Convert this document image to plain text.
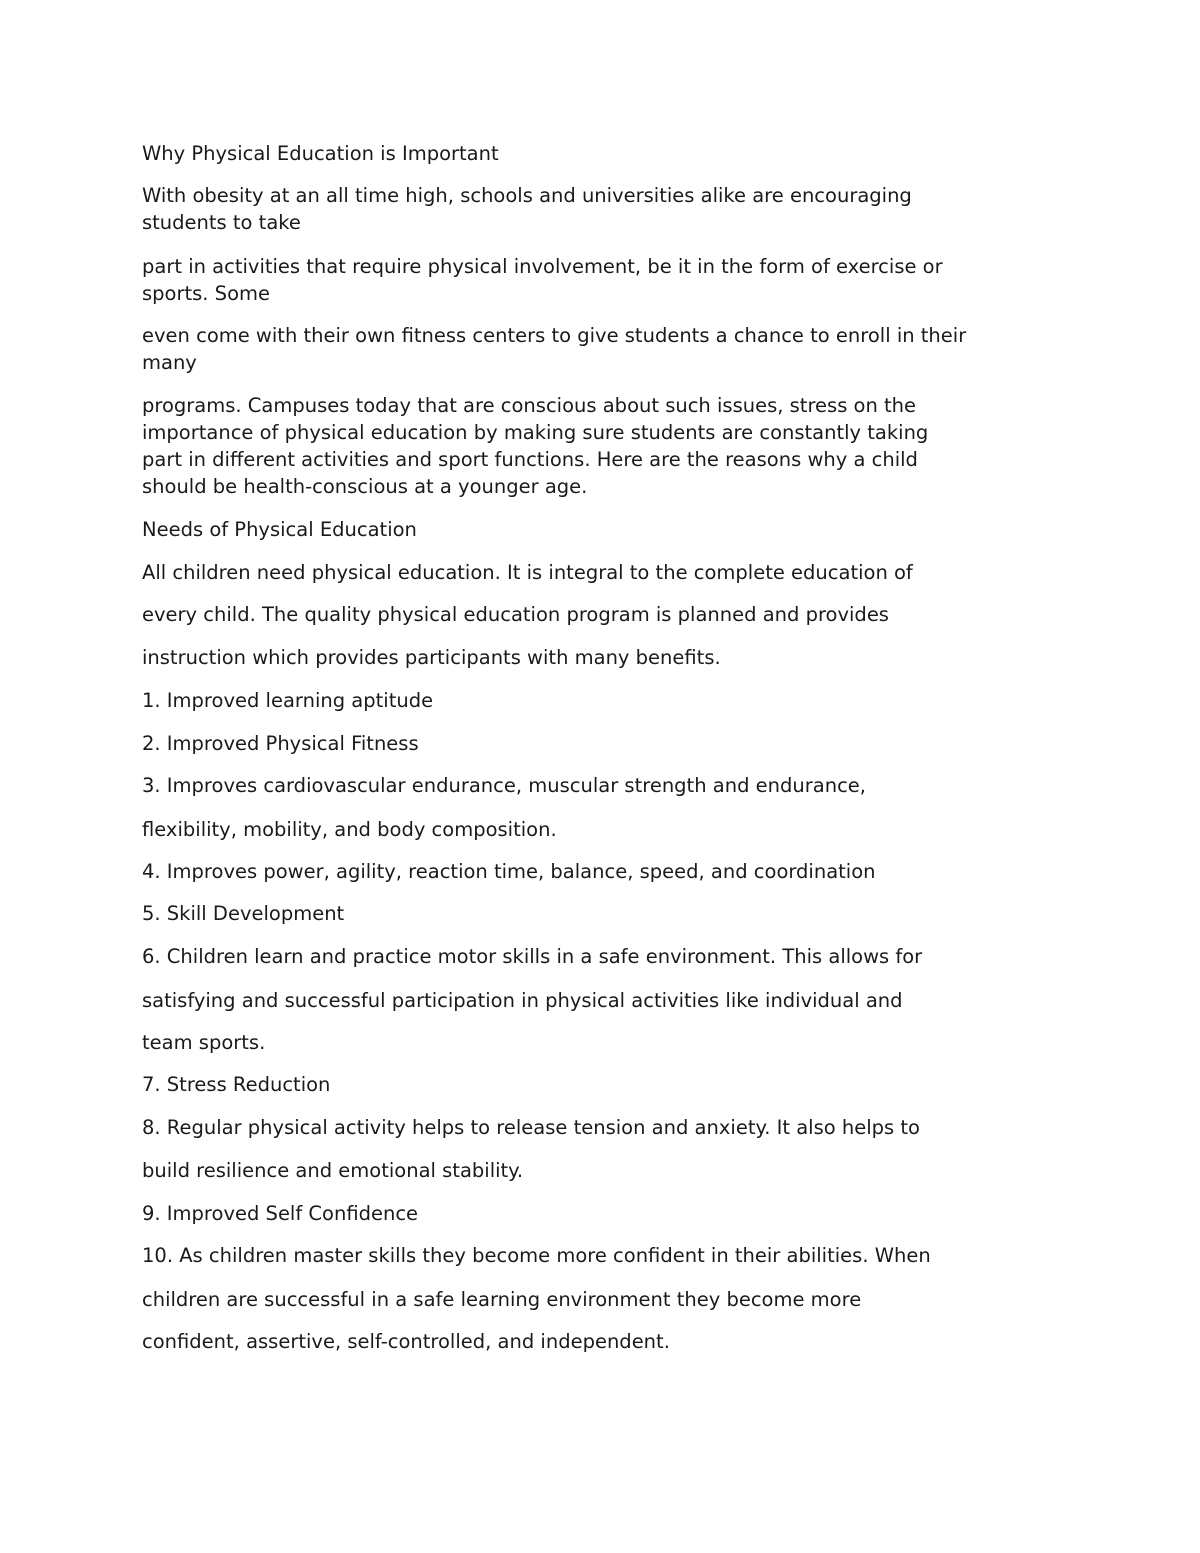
Why Physical Education is Important

With obesity at an all time high, schools and universities alike are encouraging
students to take

part in activities that require physical involvement, be it in the form of exercise or
sports. Some

even come with their own fitness centers to give students a chance to enroll in their
many

programs. Campuses today that are conscious about such issues, stress on the
importance of physical education by making sure students are constantly taking
part in different activities and sport functions. Here are the reasons why a child
should be health-conscious at a younger age.

Needs of Physical Education

All children need physical education. It is integral to the complete education of

every child. The quality physical education program is planned and provides

instruction which provides participants with many benefits.

1. Improved learning aptitude

2. Improved Physical Fitness

3. Improves cardiovascular endurance, muscular strength and endurance,

flexibility, mobility, and body composition.

4. Improves power, agility, reaction time, balance, speed, and coordination

5. Skill Development

6. Children learn and practice motor skills in a safe environment. This allows for

satisfying and successful participation in physical activities like individual and

team sports.

7. Stress Reduction

8. Regular physical activity helps to release tension and anxiety. It also helps to

build resilience and emotional stability.

9. Improved Self Confidence

10. As children master skills they become more confident in their abilities. When

children are successful in a safe learning environment they become more

confident, assertive, self-controlled, and independent.
